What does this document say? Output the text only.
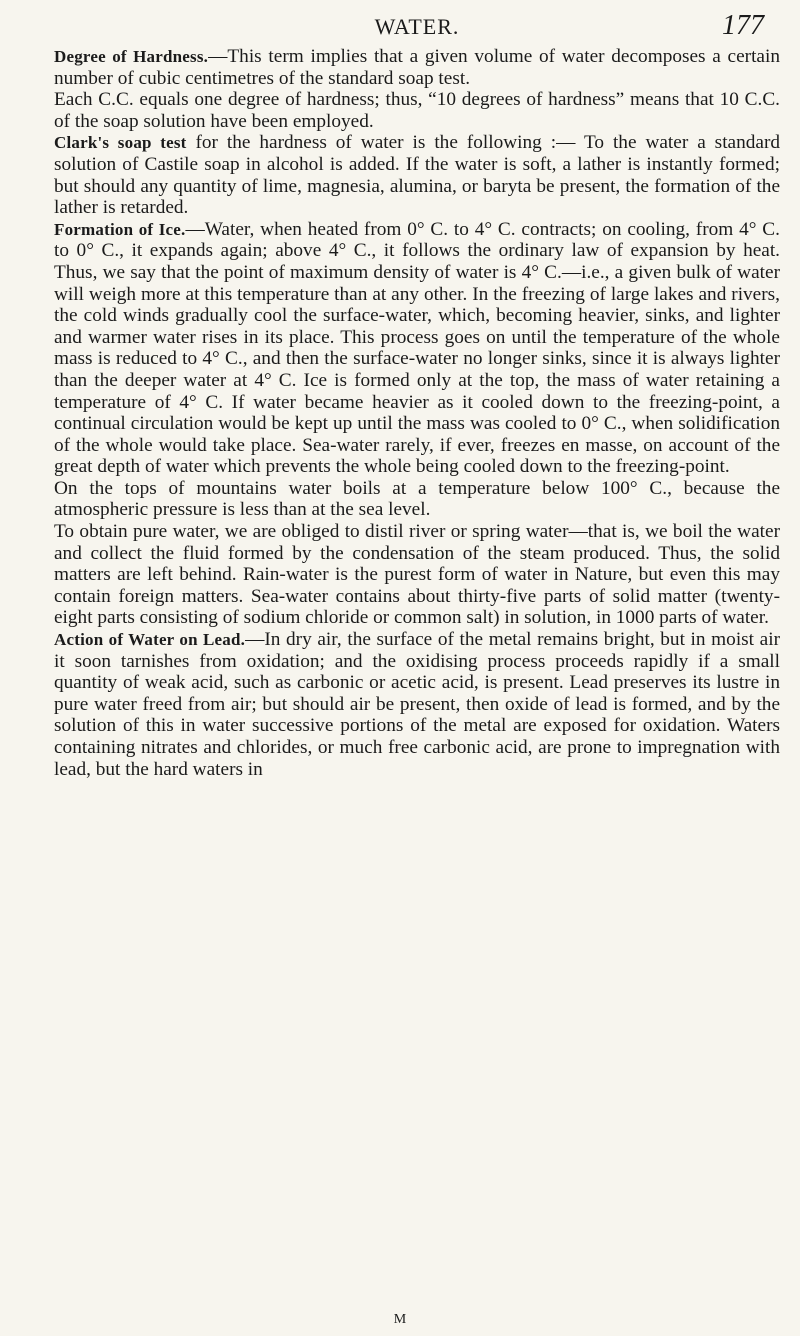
WATER.	177

Degree of Hardness.—This term implies that a given volume of water decomposes a certain number of cubic centimetres of the standard soap test.

Each C.C. equals one degree of hardness; thus, “10 degrees of hardness” means that 10 C.C. of the soap solution have been employed.

Clark's soap test for the hardness of water is the following :— To the water a standard solution of Castile soap in alcohol is added. If the water is soft, a lather is instantly formed; but should any quantity of lime, magnesia, alumina, or baryta be present, the formation of the lather is retarded.

Formation of Ice.—Water, when heated from 0° C. to 4° C. contracts; on cooling, from 4° C. to 0° C., it expands again; above 4° C., it follows the ordinary law of expansion by heat. Thus, we say that the point of maximum density of water is 4° C.—i.e., a given bulk of water will weigh more at this temperature than at any other. In the freezing of large lakes and rivers, the cold winds gradually cool the surface-water, which, becoming heavier, sinks, and lighter and warmer water rises in its place. This process goes on until the temperature of the whole mass is reduced to 4° C., and then the surface-water no longer sinks, since it is always lighter than the deeper water at 4° C. Ice is formed only at the top, the mass of water retaining a temperature of 4° C. If water became heavier as it cooled down to the freezing-point, a continual circulation would be kept up until the mass was cooled to 0° C., when solidification of the whole would take place. Sea-water rarely, if ever, freezes en masse, on account of the great depth of water which prevents the whole being cooled down to the freezing-point.

On the tops of mountains water boils at a temperature below 100° C., because the atmospheric pressure is less than at the sea level.

To obtain pure water, we are obliged to distil river or spring water—that is, we boil the water and collect the fluid formed by the condensation of the steam produced. Thus, the solid matters are left behind. Rain-water is the purest form of water in Nature, but even this may contain foreign matters. Sea-water contains about thirty-five parts of solid matter (twenty-eight parts consisting of sodium chloride or common salt) in solution, in 1000 parts of water.

Action of Water on Lead.—In dry air, the surface of the metal remains bright, but in moist air it soon tarnishes from oxidation; and the oxidising process proceeds rapidly if a small quantity of weak acid, such as carbonic or acetic acid, is present. Lead preserves its lustre in pure water freed from air; but should air be present, then oxide of lead is formed, and by the solution of this in water successive portions of the metal are exposed for oxidation. Waters containing nitrates and chlorides, or much free carbonic acid, are prone to impregnation with lead, but the hard waters in

M
